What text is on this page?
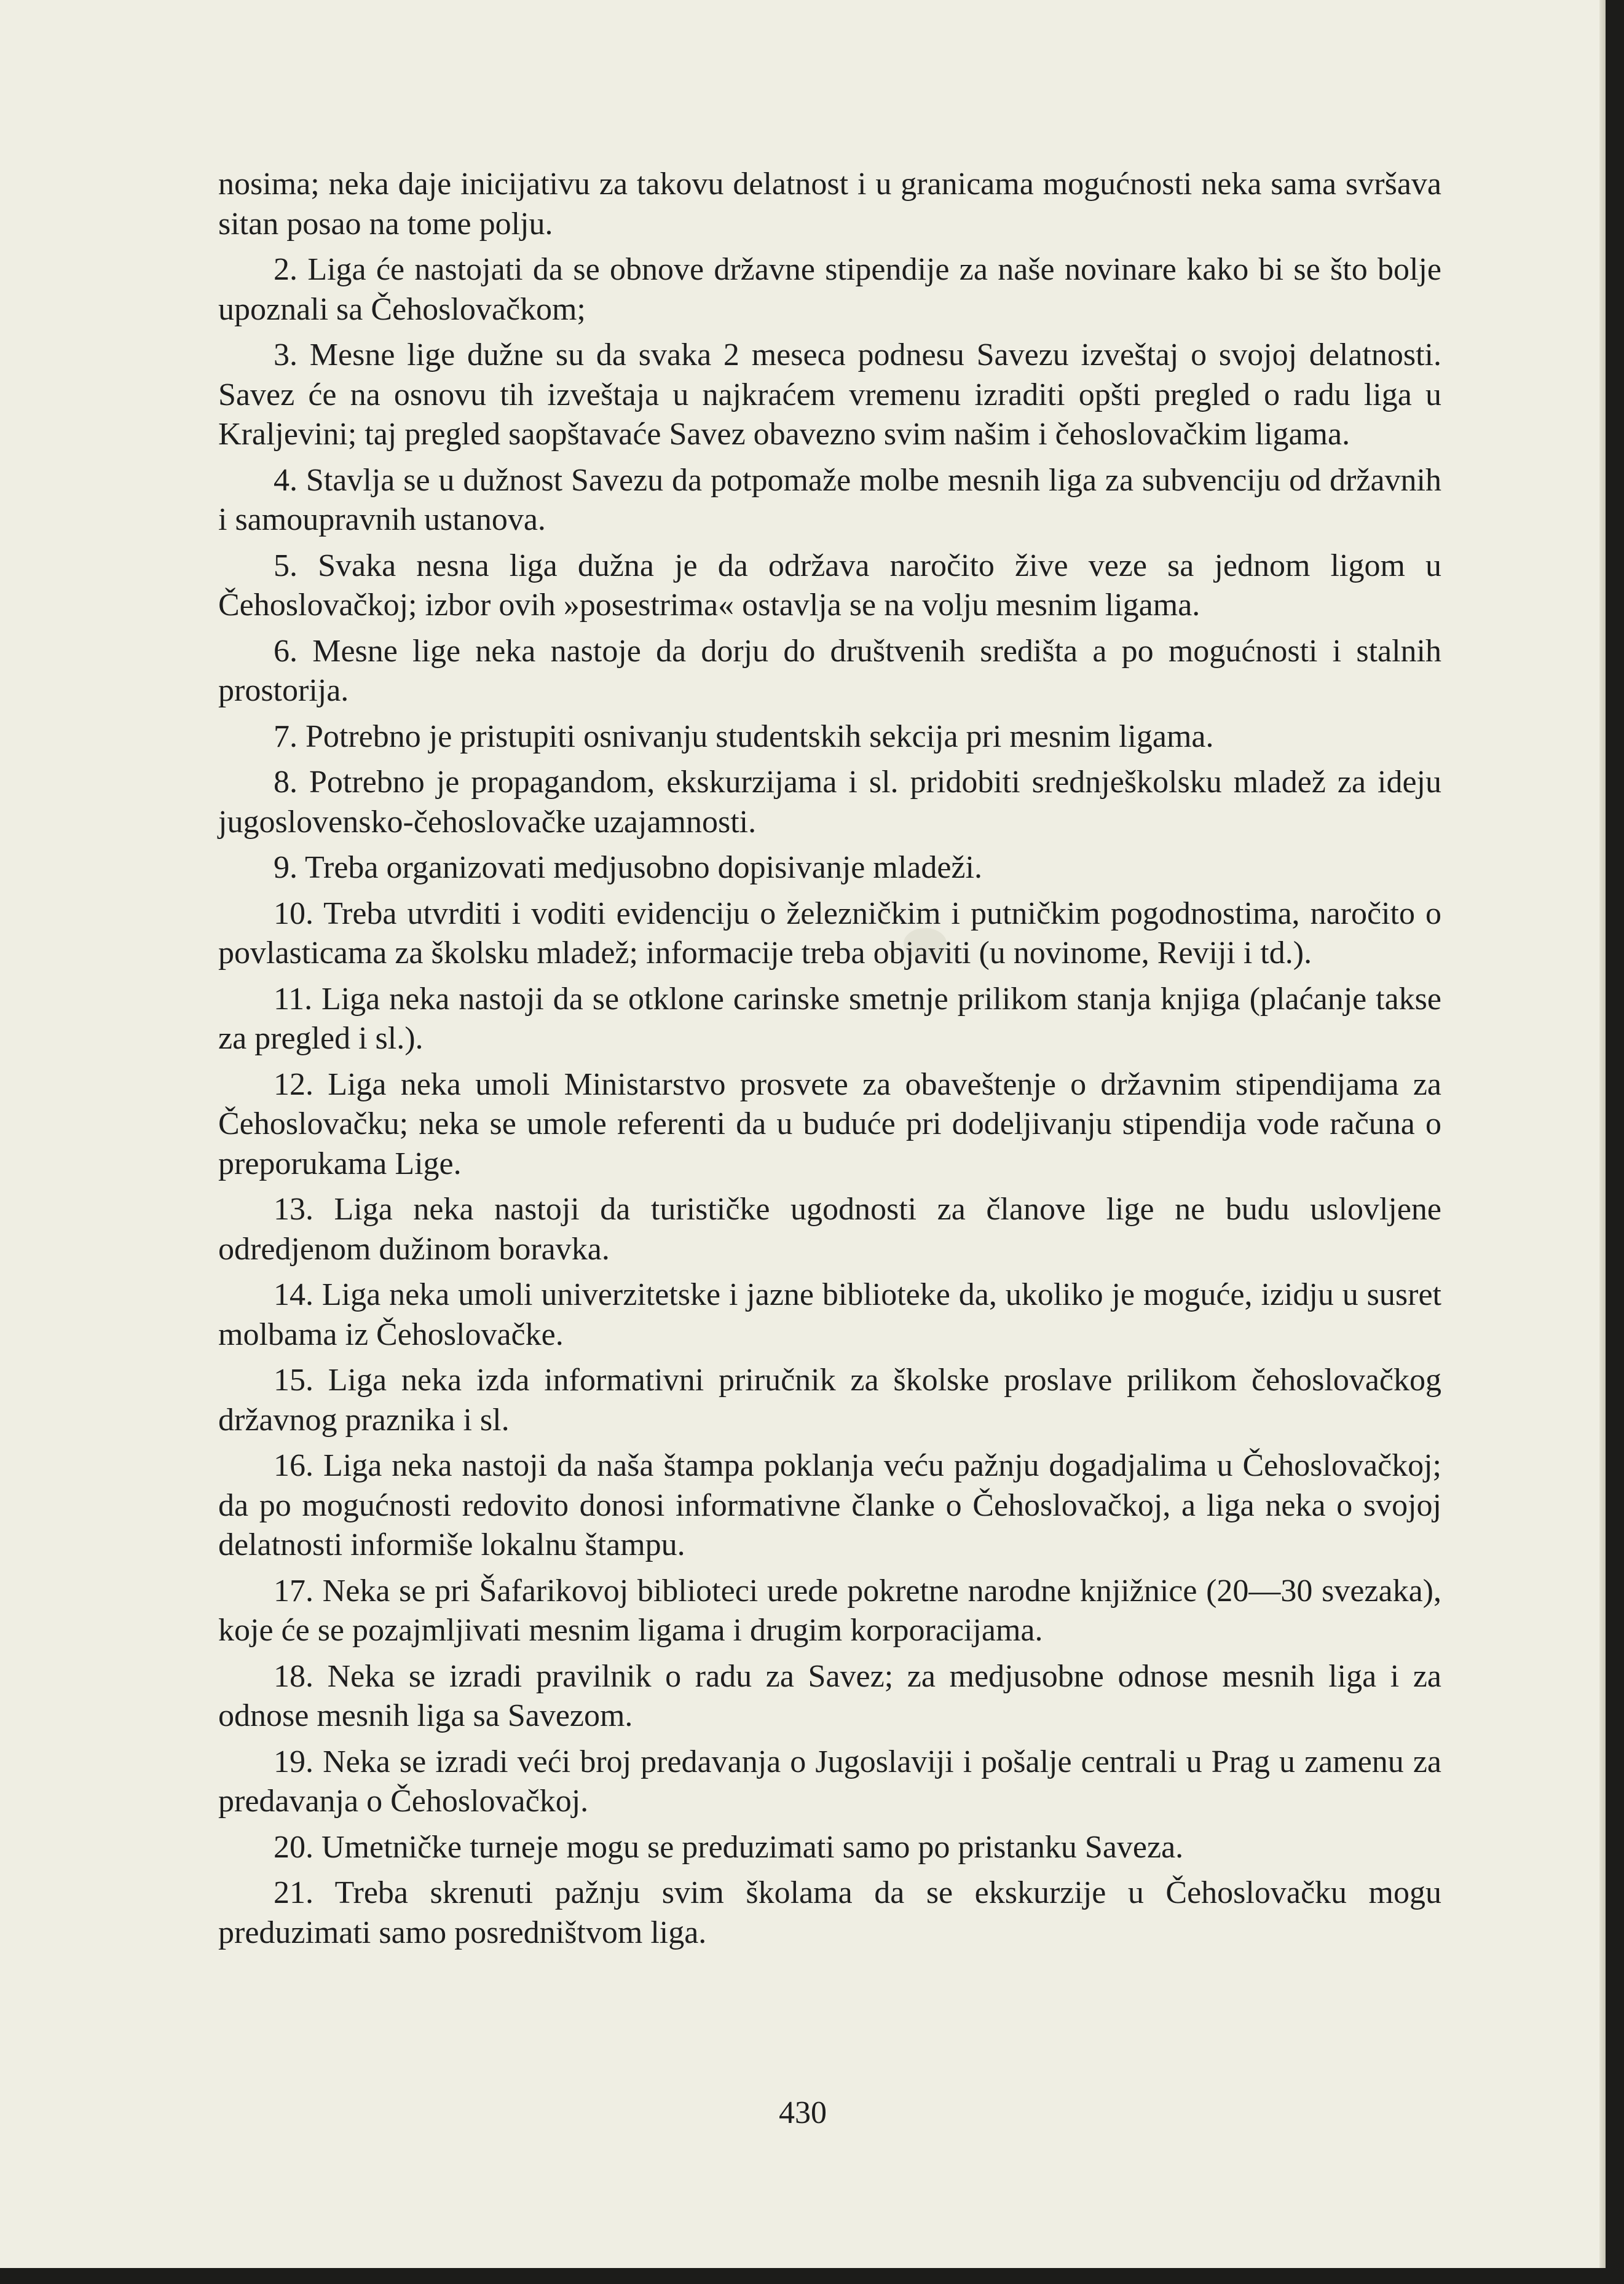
nosima; neka daje inicijativu za takovu delatnost i u granicama mogućnosti neka sama svršava sitan posao na tome polju.

2. Liga će nastojati da se obnove državne stipendije za naše novinare kako bi se što bolje upoznali sa Čehoslovačkom;

3. Mesne lige dužne su da svaka 2 meseca podnesu Savezu izveštaj o svojoj delatnosti. Savez će na osnovu tih izveštaja u najkraćem vremenu izraditi opšti pregled o radu liga u Kraljevini; taj pregled saopštavaće Savez obavezno svim našim i čehoslovačkim ligama.

4. Stavlja se u dužnost Savezu da potpomaže molbe mesnih liga za subvenciju od državnih i samoupravnih ustanova.

5. Svaka nesna liga dužna je da održava naročito žive veze sa jednom ligom u Čehoslovačkoj; izbor ovih »posestrima« ostavlja se na volju mesnim ligama.

6. Mesne lige neka nastoje da dorju do društvenih središta a po mogućnosti i stalnih prostorija.

7. Potrebno je pristupiti osnivanju studentskih sekcija pri mesnim ligama.

8. Potrebno je propagandom, ekskurzijama i sl. pridobiti srednješkolsku mladež za ideju jugoslovensko-čehoslovačke uzajamnosti.

9. Treba organizovati medjusobno dopisivanje mladeži.

10. Treba utvrditi i voditi evidenciju o železničkim i putničkim pogodnostima, naročito o povlasticama za školsku mladež; informacije treba objaviti (u novinome, Reviji i td.).

11. Liga neka nastoji da se otklone carinske smetnje prilikom stanja knjiga (plaćanje takse za pregled i sl.).

12. Liga neka umoli Ministarstvo prosvete za obaveštenje o državnim stipendijama za Čehoslovačku; neka se umole referenti da u buduće pri dodeljivanju stipendija vode računa o preporukama Lige.

13. Liga neka nastoji da turističke ugodnosti za članove lige ne budu uslovljene odredjenom dužinom boravka.

14. Liga neka umoli univerzitetske i jazne biblioteke da, ukoliko je moguće, izidju u susret molbama iz Čehoslovačke.

15. Liga neka izda informativni priručnik za školske proslave prilikom čehoslovačkog državnog praznika i sl.

16. Liga neka nastoji da naša štampa poklanja veću pažnju dogadjalima u Čehoslovačkoj; da po mogućnosti redovito donosi informativne članke o Čehoslovačkoj, a liga neka o svojoj delatnosti informiše lokalnu štampu.

17. Neka se pri Šafarikovoj biblioteci urede pokretne narodne knjižnice (20—30 svezaka), koje će se pozajmljivati mesnim ligama i drugim korporacijama.

18. Neka se izradi pravilnik o radu za Savez; za medjusobne odnose mesnih liga i za odnose mesnih liga sa Savezom.

19. Neka se izradi veći broj predavanja o Jugoslaviji i pošalje centrali u Prag u zamenu za predavanja o Čehoslovačkoj.

20. Umetničke turneje mogu se preduzimati samo po pristanku Saveza.

21. Treba skrenuti pažnju svim školama da se ekskurzije u Čehoslovačku mogu preduzimati samo posredništvom liga.

430
